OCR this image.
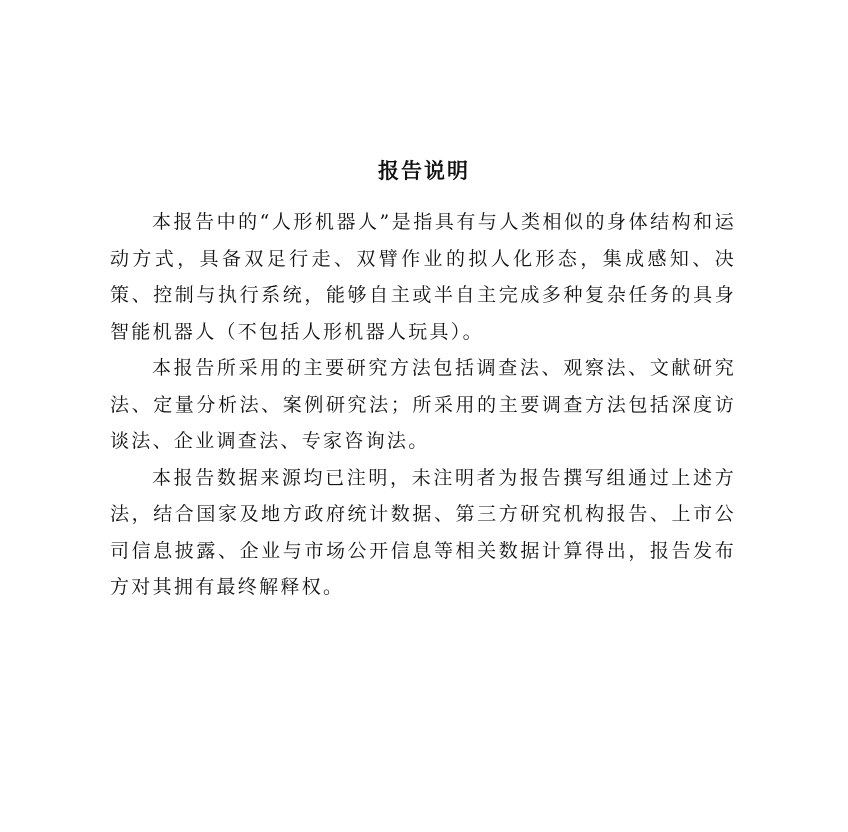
报告说明

本报告中的“人形机器人”是指具有与人类相似的身体结构和运动方式，具备双足行走、双臂作业的拟人化形态，集成感知、决策、控制与执行系统，能够自主或半自主完成多种复杂任务的具身智能机器人（不包括人形机器人玩具）。

本报告所采用的主要研究方法包括调查法、观察法、文献研究法、定量分析法、案例研究法；所采用的主要调查方法包括深度访谈法、企业调查法、专家咨询法。

本报告数据来源均已注明，未注明者为报告撰写组通过上述方法，结合国家及地方政府统计数据、第三方研究机构报告、上市公司信息披露、企业与市场公开信息等相关数据计算得出，报告发布方对其拥有最终解释权。
